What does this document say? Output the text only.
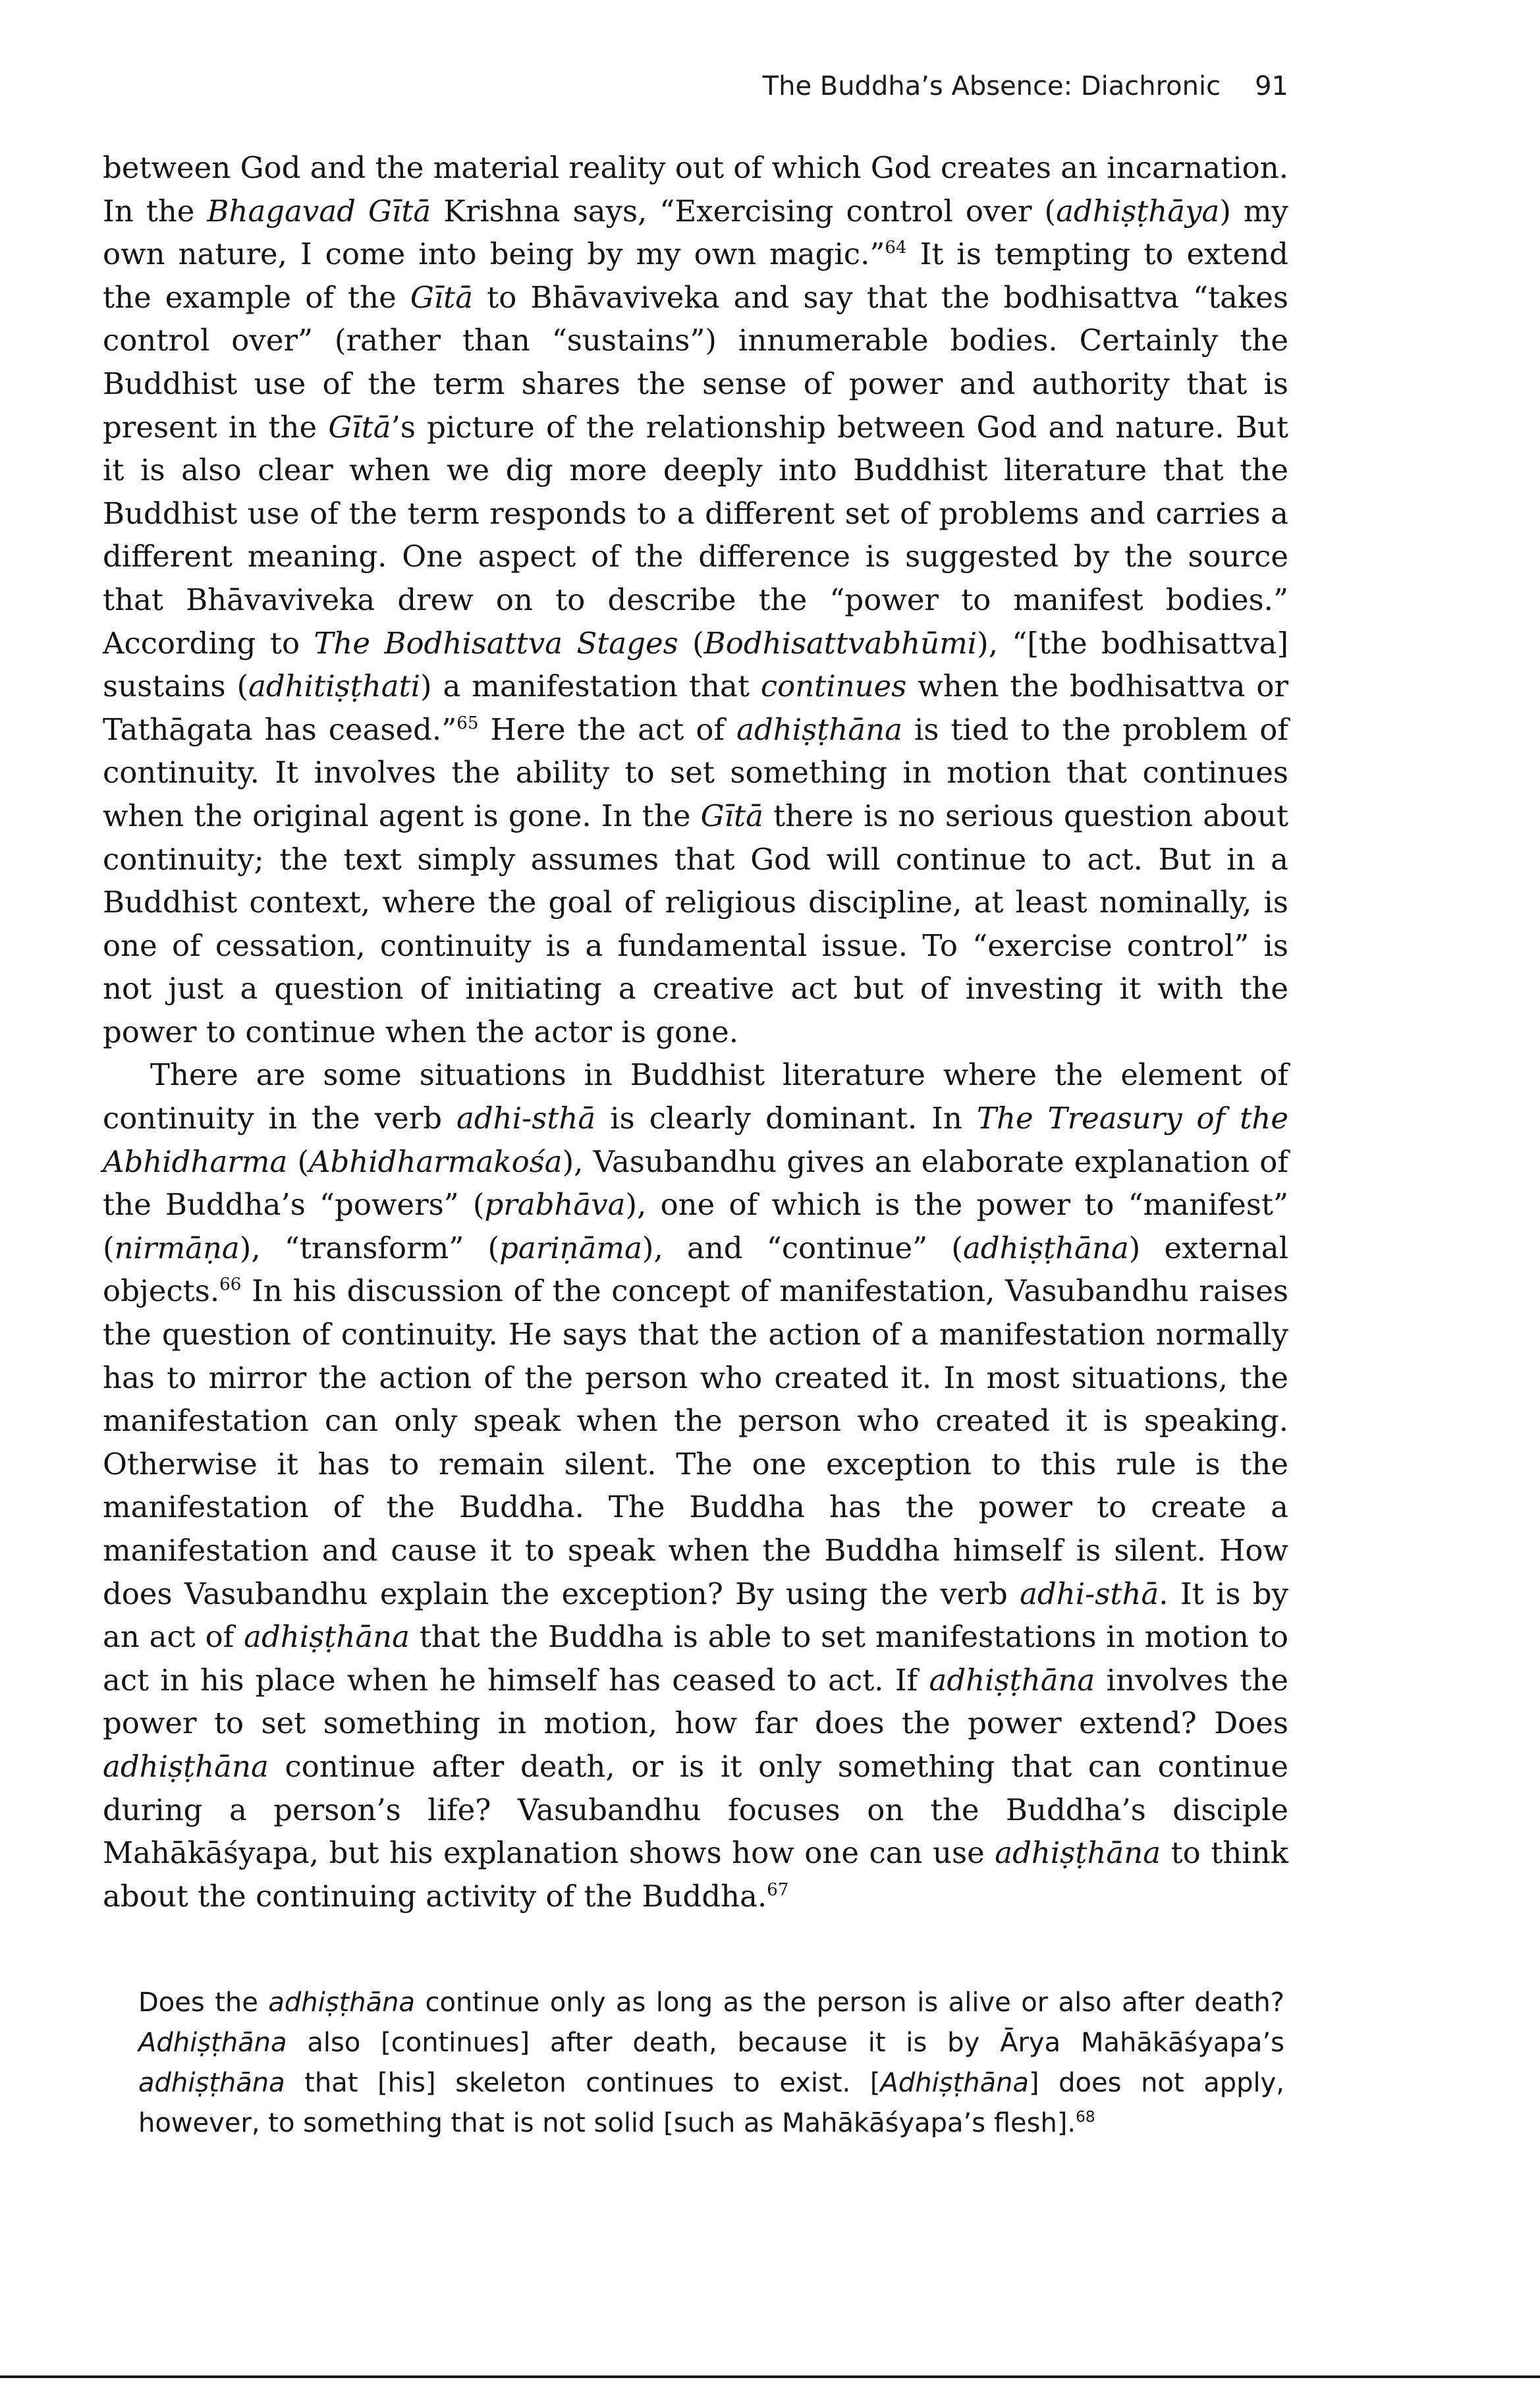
The Buddha’s Absence: Diachronic 91

between God and the material reality out of which God creates an incarnation. In the Bhagavad Gītā Krishna says, “Exercising control over (adhiṣṭhāya) my own nature, I come into being by my own magic.”$^{64}$ It is tempting to extend the example of the Gītā to Bhāvaviveka and say that the bodhisattva “takes control over” (rather than “sustains”) innumerable bodies. Certainly the Buddhist use of the term shares the sense of power and authority that is present in the Gītā’s picture of the relationship between God and nature. But it is also clear when we dig more deeply into Buddhist literature that the Buddhist use of the term responds to a different set of problems and carries a different meaning. One aspect of the difference is suggested by the source that Bhāvaviveka drew on to describe the “power to manifest bodies.” According to The Bodhisattva Stages (Bodhisattvabhūmi), “[the bodhisattva] sustains (adhitiṣṭhati) a manifestation that continues when the bodhisattva or Tathāgata has ceased.”$^{65}$ Here the act of adhiṣṭhāna is tied to the problem of continuity. It involves the ability to set something in motion that continues when the original agent is gone. In the Gītā there is no serious question about continuity; the text simply assumes that God will continue to act. But in a Buddhist context, where the goal of religious discipline, at least nominally, is one of cessation, continuity is a fundamental issue. To “exercise control” is not just a question of initiating a creative act but of investing it with the power to continue when the actor is gone.

There are some situations in Buddhist literature where the element of continuity in the verb adhi-sthā is clearly dominant. In The Treasury of the Abhidharma (Abhidharmakośa), Vasubandhu gives an elaborate explanation of the Buddha’s “powers” (prabhāva), one of which is the power to “manifest” (nirmāṇa), “transform” (pariṇāma), and “continue” (adhiṣṭhāna) external objects.$^{66}$ In his discussion of the concept of manifestation, Vasubandhu raises the question of continuity. He says that the action of a manifestation normally has to mirror the action of the person who created it. In most situations, the manifestation can only speak when the person who created it is speaking. Otherwise it has to remain silent. The one exception to this rule is the manifestation of the Buddha. The Buddha has the power to create a manifestation and cause it to speak when the Buddha himself is silent. How does Vasubandhu explain the exception? By using the verb adhi-sthā. It is by an act of adhiṣṭhāna that the Buddha is able to set manifestations in motion to act in his place when he himself has ceased to act. If adhiṣṭhāna involves the power to set something in motion, how far does the power extend? Does adhiṣṭhāna continue after death, or is it only something that can continue during a person’s life? Vasubandhu focuses on the Buddha’s disciple Mahākāśyapa, but his explanation shows how one can use adhiṣṭhāna to think about the continuing activity of the Buddha.$^{67}$

Does the adhiṣṭhāna continue only as long as the person is alive or also after death? Adhiṣṭhāna also [continues] after death, because it is by Ārya Mahākāśyapa’s adhiṣṭhāna that [his] skeleton continues to exist. [Adhiṣṭhāna] does not apply, however, to something that is not solid [such as Mahākāśyapa’s flesh].$^{68}$
